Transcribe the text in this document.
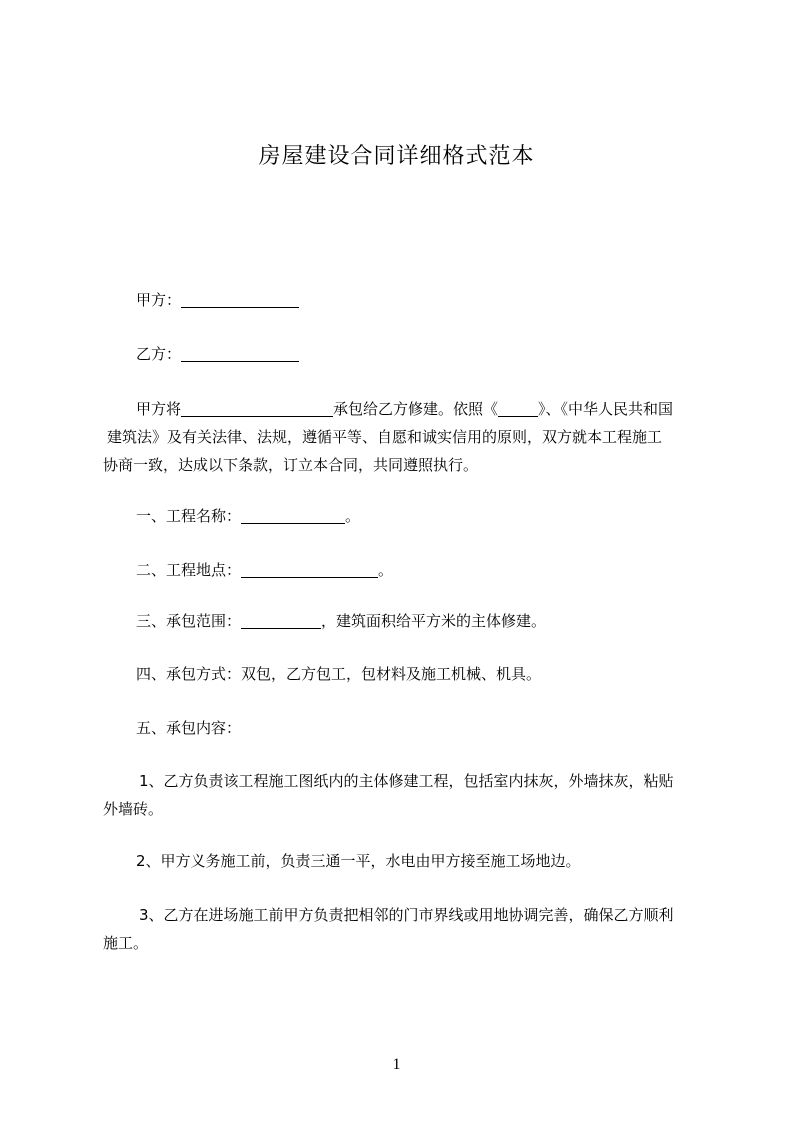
房屋建设合同详细格式范本
甲方：
乙方：
甲方将	承包给乙方修建。依照《	》、《中华人民共和国
建筑法》及有关法律、法规，遵循平等、自愿和诚实信用的原则，双方就本工程施工
协商一致，达成以下条款，订立本合同，共同遵照执行。
一、工程名称：	。
二、工程地点：	。
三、承包范围：	，建筑面积给平方米的主体修建。
四、承包方式：双包，乙方包工，包材料及施工机械、机具。
五、承包内容：
1、乙方负责该工程施工图纸内的主体修建工程，包括室内抹灰，外墙抹灰，粘贴
外墙砖。
2、甲方义务施工前，负责三通一平，水电由甲方接至施工场地边。
3、乙方在进场施工前甲方负责把相邻的门市界线或用地协调完善，确保乙方顺利
施工。
1
